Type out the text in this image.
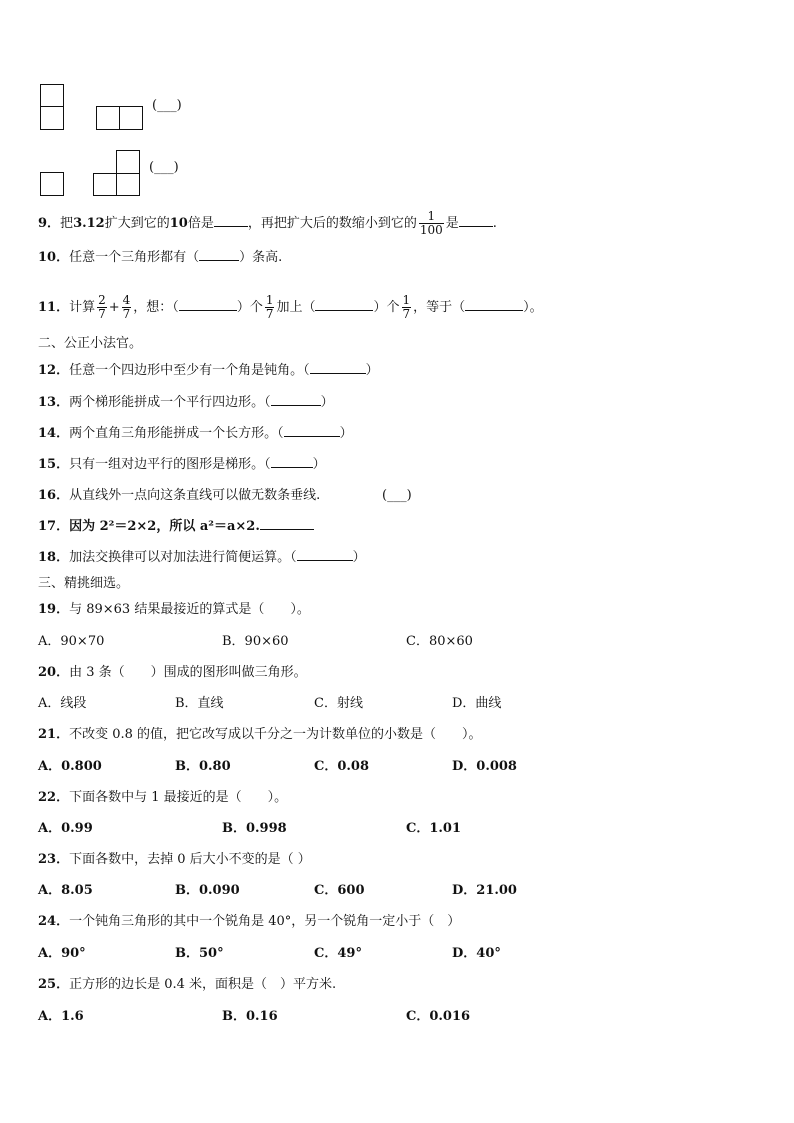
(___)
(___)
9．把3.12扩大到它的10倍是	，再把扩大后的数缩小到它的 $\frac{1}{100}$ 是	.
10．任意一个三角形都有（	）条高.
11．计算 $\frac{2}{7} + \frac{4}{7}$ ，想：（	）个 $\frac{1}{7}$ 加上（	）个 $\frac{1}{7}$ ，等于（	）。
二、公正小法官。
12．任意一个四边形中至少有一个角是钝角。（	）
13．两个梯形能拼成一个平行四边形。（	）
14．两个直角三角形能拼成一个长方形。（	）
15．只有一组对边平行的图形是梯形。（	）
16．从直线外一点向这条直线可以做无数条垂线.	(___)
17．因为 2²＝2×2，所以 a²＝a×2.
18．加法交换律可以对加法进行简便运算。（	）
三、精挑细选。
19．与 89×63 结果最接近的算式是（　　）。
A．90×70	B．90×60	C．80×60
20．由 3 条（　　）围成的图形叫做三角形。
A．线段	B．直线	C．射线	D．曲线
21．不改变 0.8 的值，把它改写成以千分之一为计数单位的小数是（　　）。
A．0.800	B．0.80	C．0.08	D．0.008
22．下面各数中与 1 最接近的是（　　）。
A．0.99	B．0.998	C．1.01
23．下面各数中，去掉 0 后大小不变的是（ ）
A．8.05	B．0.090	C．600	D．21.00
24．一个钝角三角形的其中一个锐角是 40°，另一个锐角一定小于（　）
A．90°	B．50°	C．49°	D．40°
25．正方形的边长是 0.4 米，面积是（　）平方米.
A．1.6	B．0.16	C．0.016
